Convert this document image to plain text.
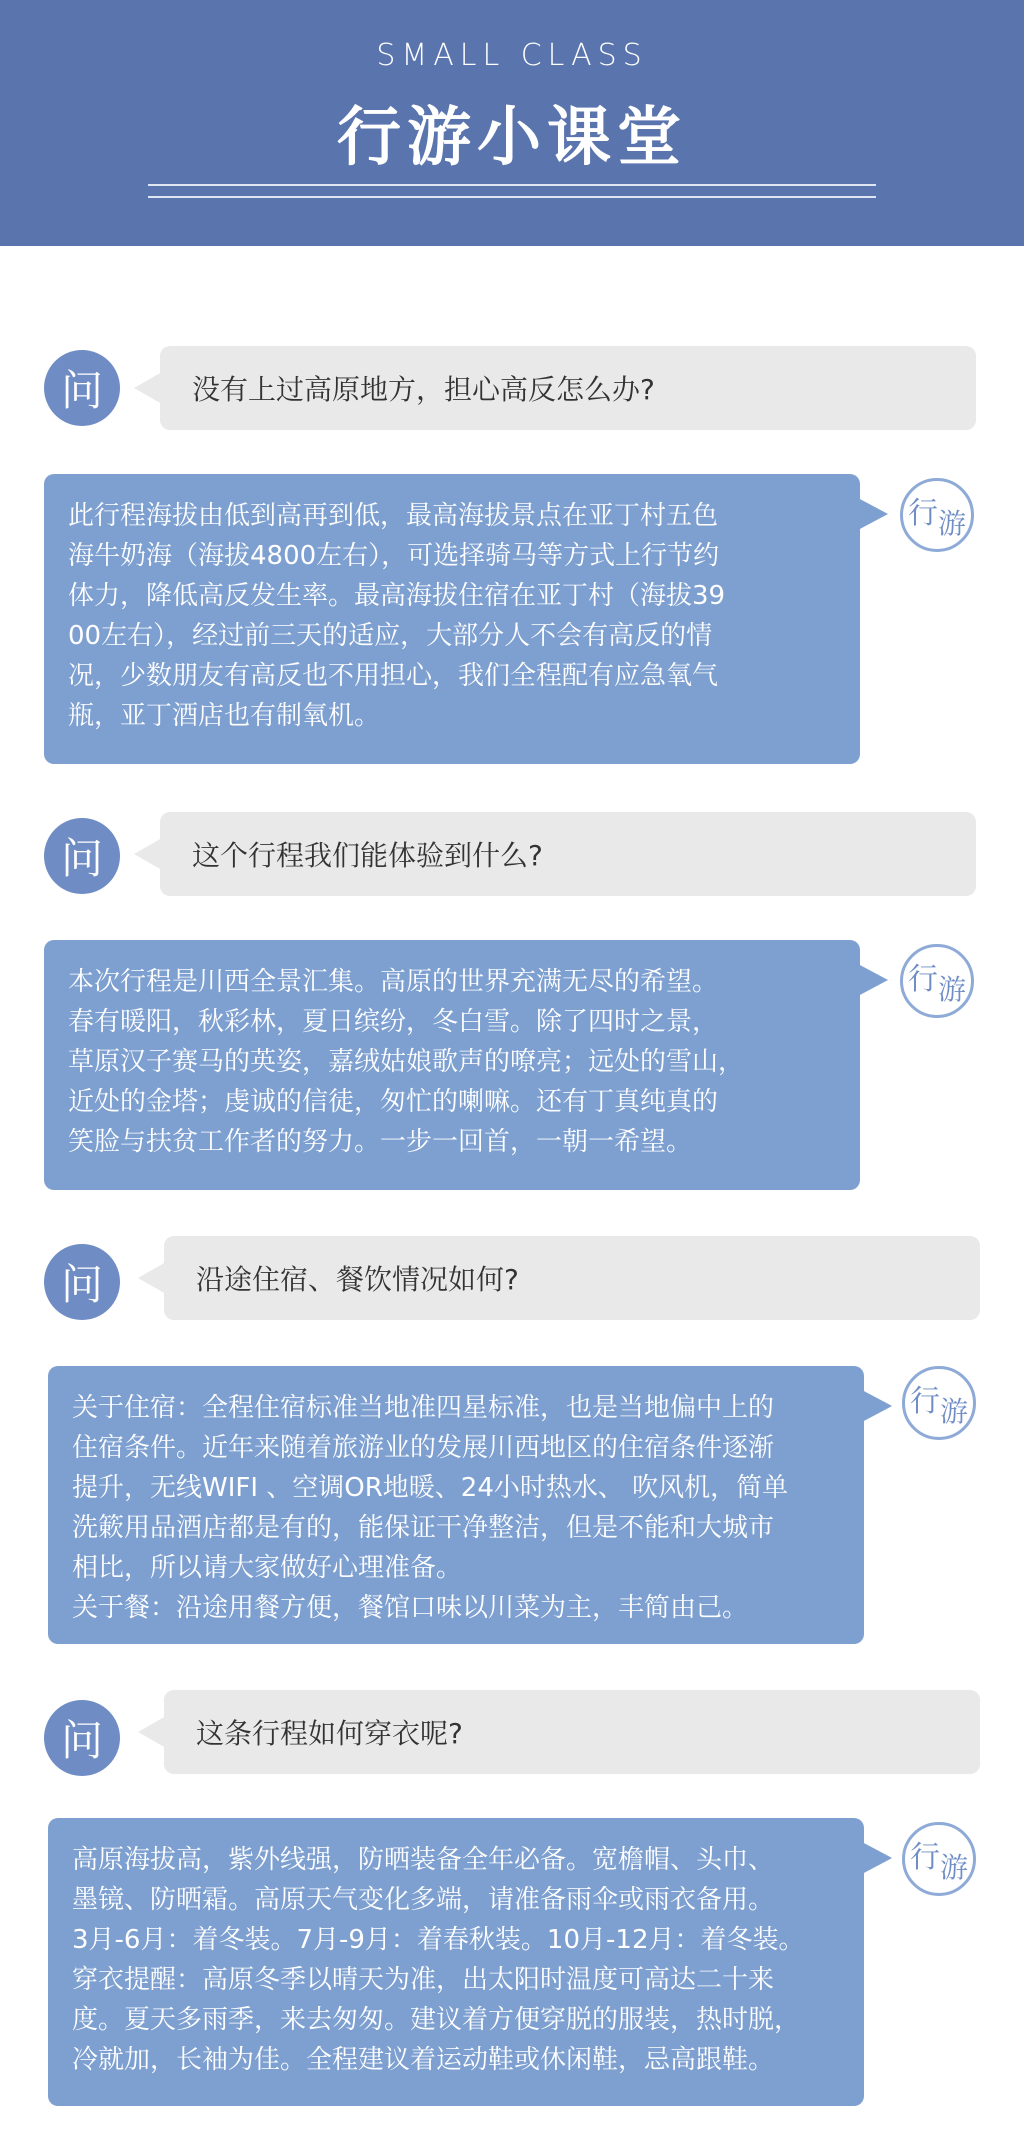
SMALL CLASS
行游小课堂
问	没有上过高原地方，担心高反怎么办?
此行程海拔由低到高再到低，最高海拔景点在亚丁村五色
海牛奶海（海拔4800左右），可选择骑马等方式上行节约
体力，降低高反发生率。最高海拔住宿在亚丁村（海拔39
00左右），经过前三天的适应，大部分人不会有高反的情
况，少数朋友有高反也不用担心，我们全程配有应急氧气
瓶，亚丁酒店也有制氧机。
行 游
问	这个行程我们能体验到什么?
本次行程是川西全景汇集。高原的世界充满无尽的希望。
春有暖阳，秋彩林，夏日缤纷，冬白雪。除了四时之景，
草原汉子赛马的英姿，嘉绒姑娘歌声的嘹亮；远处的雪山，
近处的金塔；虔诚的信徒，匆忙的喇嘛。还有丁真纯真的
笑脸与扶贫工作者的努力。一步一回首，一朝一希望。
行 游
问	沿途住宿、餐饮情况如何?
关于住宿：全程住宿标准当地准四星标准，也是当地偏中上的
住宿条件。近年来随着旅游业的发展川西地区的住宿条件逐渐
提升，无线WIFI 、空调OR地暖、24小时热水、 吹风机，简单
洗簌用品酒店都是有的，能保证干净整洁，但是不能和大城市
相比，所以请大家做好心理准备。
关于餐：沿途用餐方便，餐馆口味以川菜为主，丰简由己。
行 游
问	这条行程如何穿衣呢?
高原海拔高，紫外线强，防晒装备全年必备。宽檐帽、头巾、
墨镜、防晒霜。高原天气变化多端，请准备雨伞或雨衣备用。
3月-6月：着冬装。7月-9月：着春秋装。10月-12月：着冬装。
穿衣提醒：高原冬季以晴天为准，出太阳时温度可高达二十来
度。夏天多雨季，来去匆匆。建议着方便穿脱的服装，热时脱，
冷就加，长袖为佳。全程建议着运动鞋或休闲鞋，忌高跟鞋。
行 游
